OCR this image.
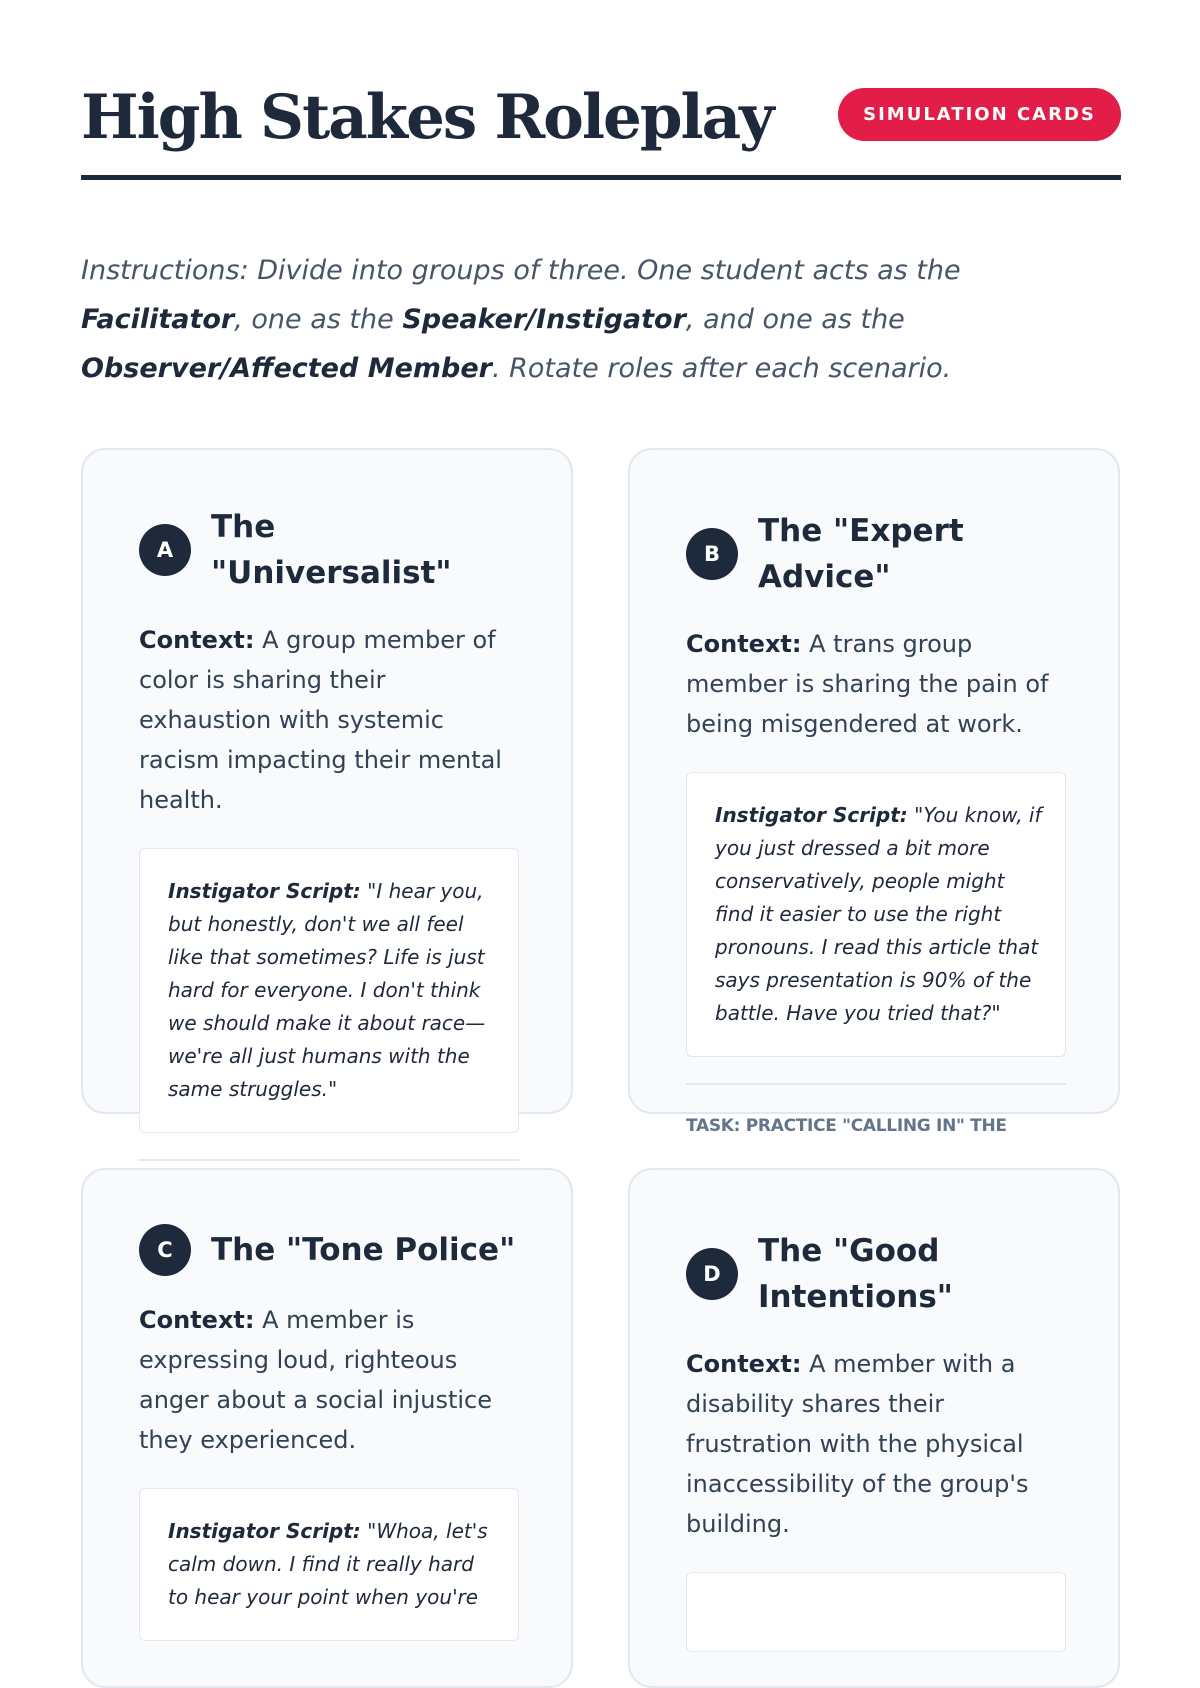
High Stakes Roleplay	SIMULATION CARDS

Instructions: Divide into groups of three. One student acts as the Facilitator, one as the Speaker/Instigator, and one as the Observer/Affected Member. Rotate roles after each scenario.

A
The "Universalist"
Context: A group member of color is sharing their exhaustion with systemic racism impacting their mental health.
Instigator Script: "I hear you, but honestly, don't we all feel like that sometimes? Life is just hard for everyone. I don't think we should make it about race—we're all just humans with the same struggles."
B
The "Expert Advice"
Context: A trans group member is sharing the pain of being misgendered at work.
Instigator Script: "You know, if you just dressed a bit more conservatively, people might find it easier to use the right pronouns. I read this article that says presentation is 90% of the battle. Have you tried that?"
TASK: PRACTICE "CALLING IN" THE
C	The "Tone Police"
Context: A member is expressing loud, righteous anger about a social injustice they experienced.
Instigator Script: "Whoa, let's calm down. I find it really hard to hear your point when you're
D
The "Good Intentions"
Context: A member with a disability shares their frustration with the physical inaccessibility of the group's building.
